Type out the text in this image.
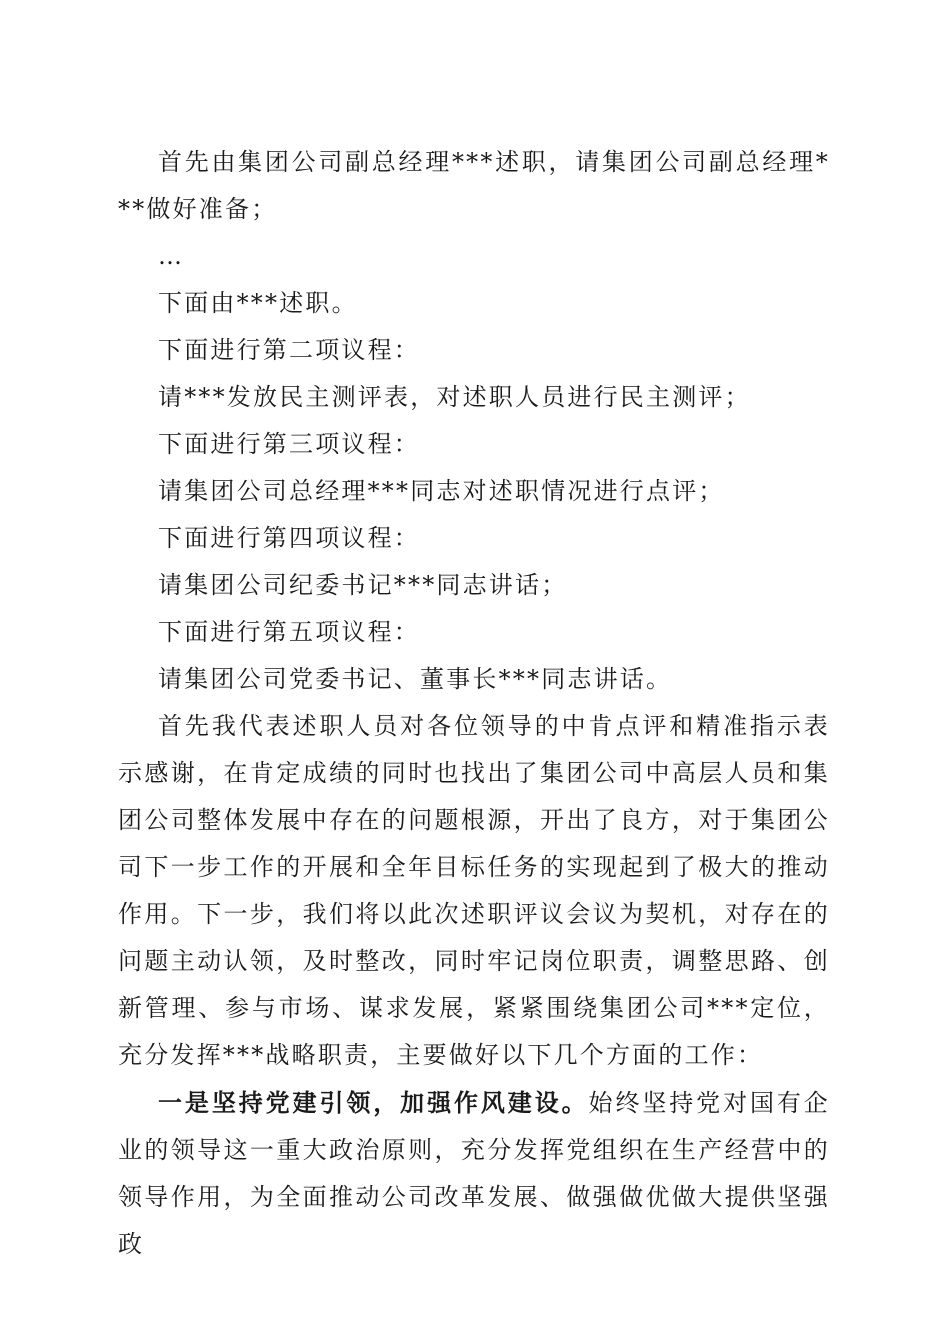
首先由集团公司副总经理***述职，请集团公司副总经理***做好准备；

…

下面由***述职。

下面进行第二项议程：

请***发放民主测评表，对述职人员进行民主测评；

下面进行第三项议程：

请集团公司总经理***同志对述职情况进行点评；

下面进行第四项议程：

请集团公司纪委书记***同志讲话；

下面进行第五项议程：

请集团公司党委书记、董事长***同志讲话。

首先我代表述职人员对各位领导的中肯点评和精准指示表示感谢，在肯定成绩的同时也找出了集团公司中高层人员和集团公司整体发展中存在的问题根源，开出了良方，对于集团公司下一步工作的开展和全年目标任务的实现起到了极大的推动作用。下一步，我们将以此次述职评议会议为契机，对存在的问题主动认领，及时整改，同时牢记岗位职责，调整思路、创新管理、参与市场、谋求发展，紧紧围绕集团公司***定位，充分发挥***战略职责，主要做好以下几个方面的工作：

一是坚持党建引领，加强作风建设。始终坚持党对国有企业的领导这一重大政治原则，充分发挥党组织在生产经营中的领导作用，为全面推动公司改革发展、做强做优做大提供坚强政
